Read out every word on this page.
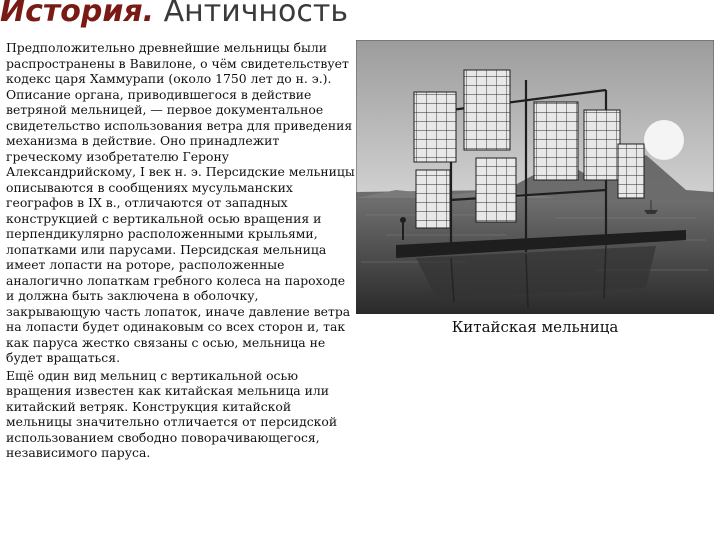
История. Античность

Предположительно древнейшие мельницы были распространены в Вавилоне, о чём свидетельствует кодекс царя Хаммурапи (около 1750 лет до н. э.). Описание органа, приводившегося в действие ветряной мельницей, — первое документальное свидетельство использования ветра для приведения механизма в действие. Оно принадлежит греческому изобретателю Герону Александрийскому, I век н. э. Персидские мельницы описываются в сообщениях мусульманских географов в IX в., отличаются от западных конструкцией с вертикальной осью вращения и перпендикулярно расположенными крыльями, лопатками или парусами. Персидская мельница имеет лопасти на роторе, расположенные аналогично лопаткам гребного колеса на пароходе и должна быть заключена в оболочку, закрывающую часть лопаток, иначе давление ветра на лопасти будет одинаковым со всех сторон и, так как паруса жестко связаны с осью, мельница не будет вращаться.

Ещё один вид мельниц с вертикальной осью вращения известен как китайская мельница или китайский ветряк. Конструкция китайской мельницы значительно отличается от персидской использованием свободно поворачивающегося, независимого паруса.

Китайская мельница
